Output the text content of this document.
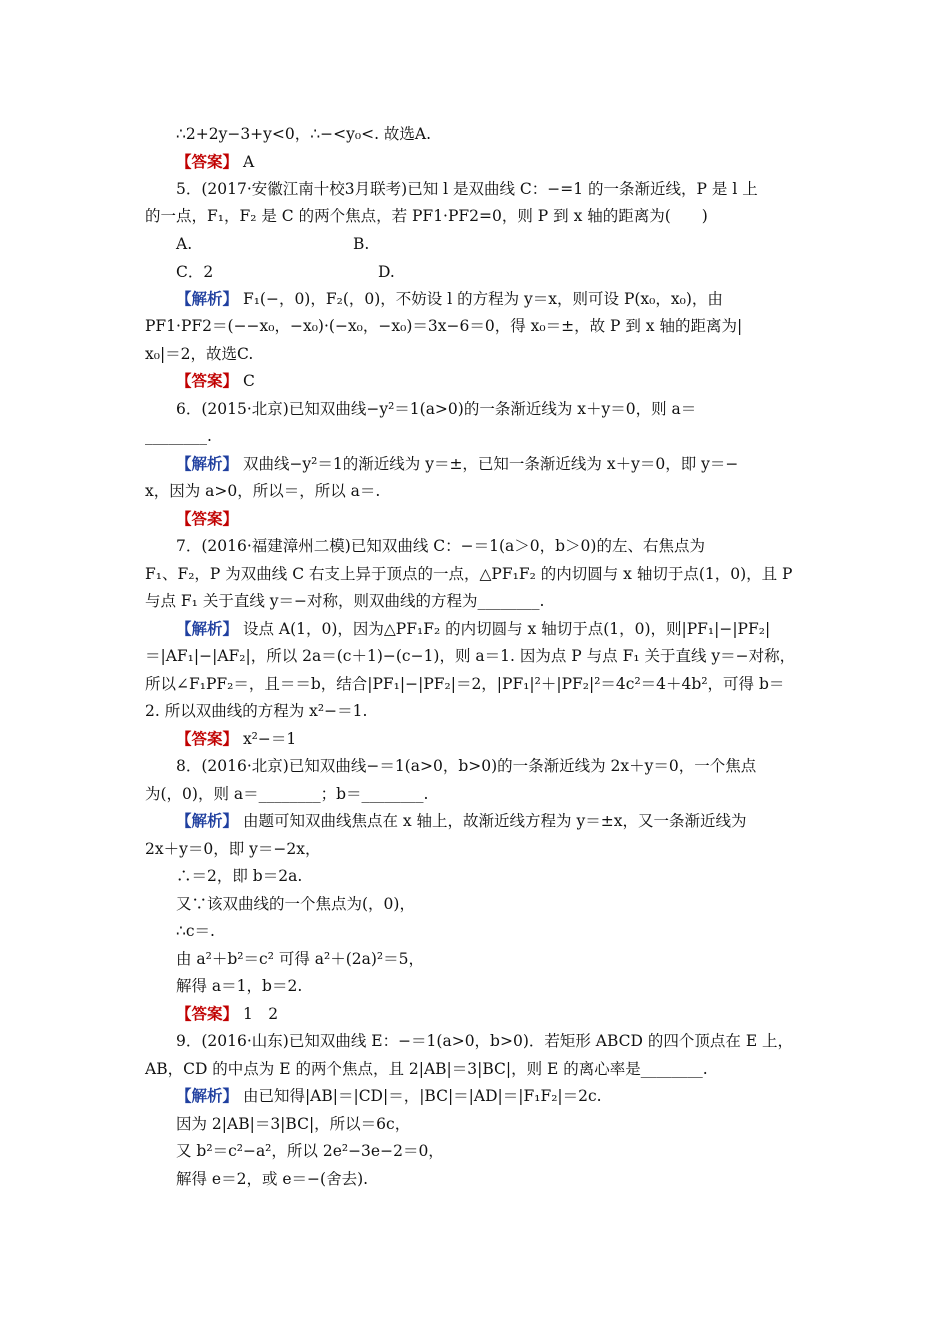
∴2+2y−3+y<0，∴−<y₀<. 故选A.
【答案】 A
5．(2017·安徽江南十校3月联考)已知 l 是双曲线 C：−=1 的一条渐近线，P 是 l 上
的一点，F₁，F₂ 是 C 的两个焦点，若 PF1·PF2=0，则 P 到 x 轴的距离为(　　)
A.	B.
C．2	D.
【解析】 F₁(−，0)，F₂(，0)，不妨设 l 的方程为 y＝x，则可设 P(x₀，x₀)，由
PF1·PF2＝(−−x₀，−x₀)·(−x₀，−x₀)＝3x−6＝0，得 x₀＝±，故 P 到 x 轴的距离为|
x₀|＝2，故选C.
【答案】 C
6．(2015·北京)已知双曲线−y²＝1(a>0)的一条渐近线为 x＋y＝0，则 a＝
________.
【解析】 双曲线−y²＝1的渐近线为 y＝±，已知一条渐近线为 x＋y＝0，即 y＝−
x，因为 a>0，所以＝，所以 a＝.
【答案】
7．(2016·福建漳州二模)已知双曲线 C：−＝1(a＞0，b＞0)的左、右焦点为
F₁、F₂，P 为双曲线 C 右支上异于顶点的一点，△PF₁F₂ 的内切圆与 x 轴切于点(1，0)，且 P
与点 F₁ 关于直线 y＝−对称，则双曲线的方程为________.
【解析】 设点 A(1，0)，因为△PF₁F₂ 的内切圆与 x 轴切于点(1，0)，则|PF₁|−|PF₂|
＝|AF₁|−|AF₂|，所以 2a＝(c＋1)−(c−1)，则 a＝1. 因为点 P 与点 F₁ 关于直线 y＝−对称，
所以∠F₁PF₂＝，且＝＝b，结合|PF₁|−|PF₂|＝2，|PF₁|²＋|PF₂|²＝4c²＝4＋4b²，可得 b＝
2. 所以双曲线的方程为 x²−＝1.
【答案】 x²−＝1
8．(2016·北京)已知双曲线−＝1(a>0，b>0)的一条渐近线为 2x＋y＝0，一个焦点
为(，0)，则 a＝________；b＝________.
【解析】 由题可知双曲线焦点在 x 轴上，故渐近线方程为 y＝±x，又一条渐近线为
2x＋y＝0，即 y＝−2x，
∴＝2，即 b＝2a.
又∵该双曲线的一个焦点为(，0)，
∴c＝.
由 a²＋b²＝c² 可得 a²＋(2a)²＝5，
解得 a＝1，b＝2.
【答案】 1　2
9．(2016·山东)已知双曲线 E：−＝1(a>0，b>0)．若矩形 ABCD 的四个顶点在 E 上，
AB，CD 的中点为 E 的两个焦点，且 2|AB|＝3|BC|，则 E 的离心率是________.
【解析】 由已知得|AB|＝|CD|＝，|BC|＝|AD|＝|F₁F₂|＝2c.
因为 2|AB|＝3|BC|，所以＝6c，
又 b²＝c²−a²，所以 2e²−3e−2＝0，
解得 e＝2，或 e＝−(舍去).
